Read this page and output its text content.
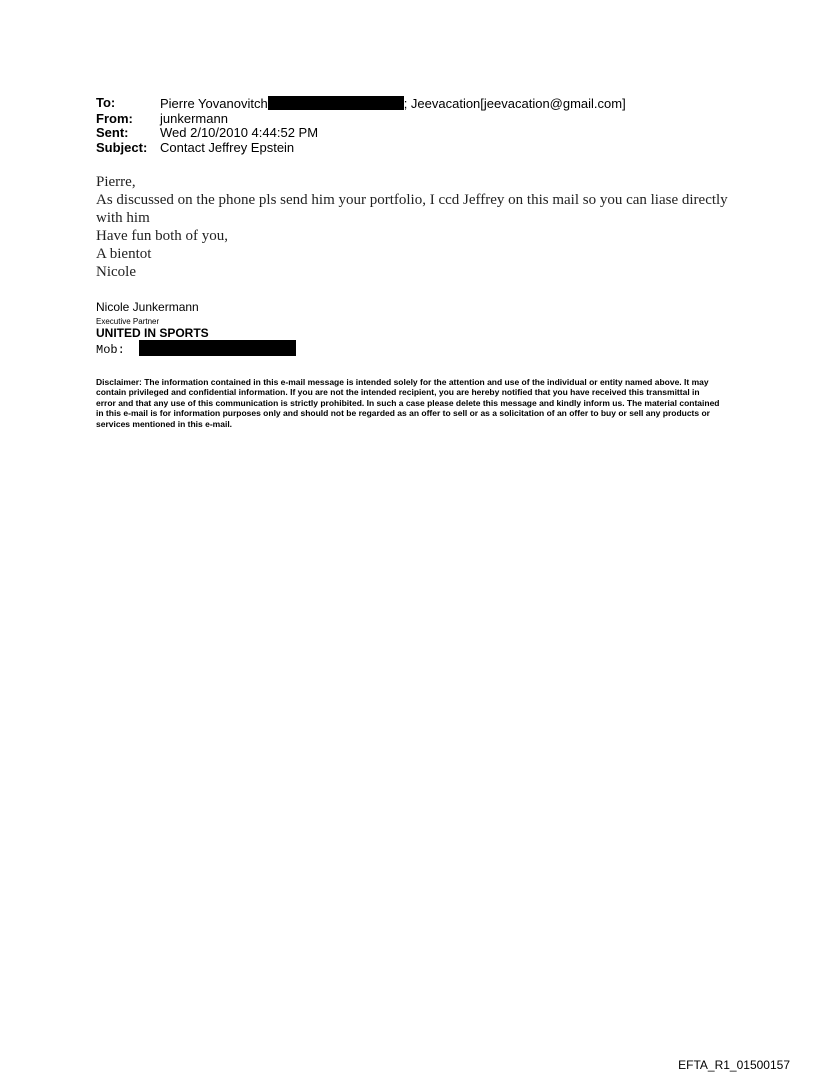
To:	Pierre Yovanovitch	; Jeevacation[jeevacation@gmail.com]
From:	junkermann
Sent:	Wed 2/10/2010 4:44:52 PM
Subject: Contact Jeffrey Epstein

Pierre,

As discussed on the phone pls send him your portfolio, I ccd Jeffrey on this mail so you can liase directly with him

Have fun both of you,

A bientot

Nicole

Nicole Junkermann
Executive Partner
UNITED IN SPORTS
Mob:
Disclaimer: The information contained in this e-mail message is intended solely for the attention and use of the individual or entity named above. It may contain privileged and confidential information. If you are not the intended recipient, you are hereby notified that you have received this transmittal in error and that any use of this communication is strictly prohibited. In such a case please delete this message and kindly inform us. The material contained in this e-mail is for information purposes only and should not be regarded as an offer to sell or as a solicitation of an offer to buy or sell any products or services mentioned in this e-mail.
EFTA_R1_01500157
